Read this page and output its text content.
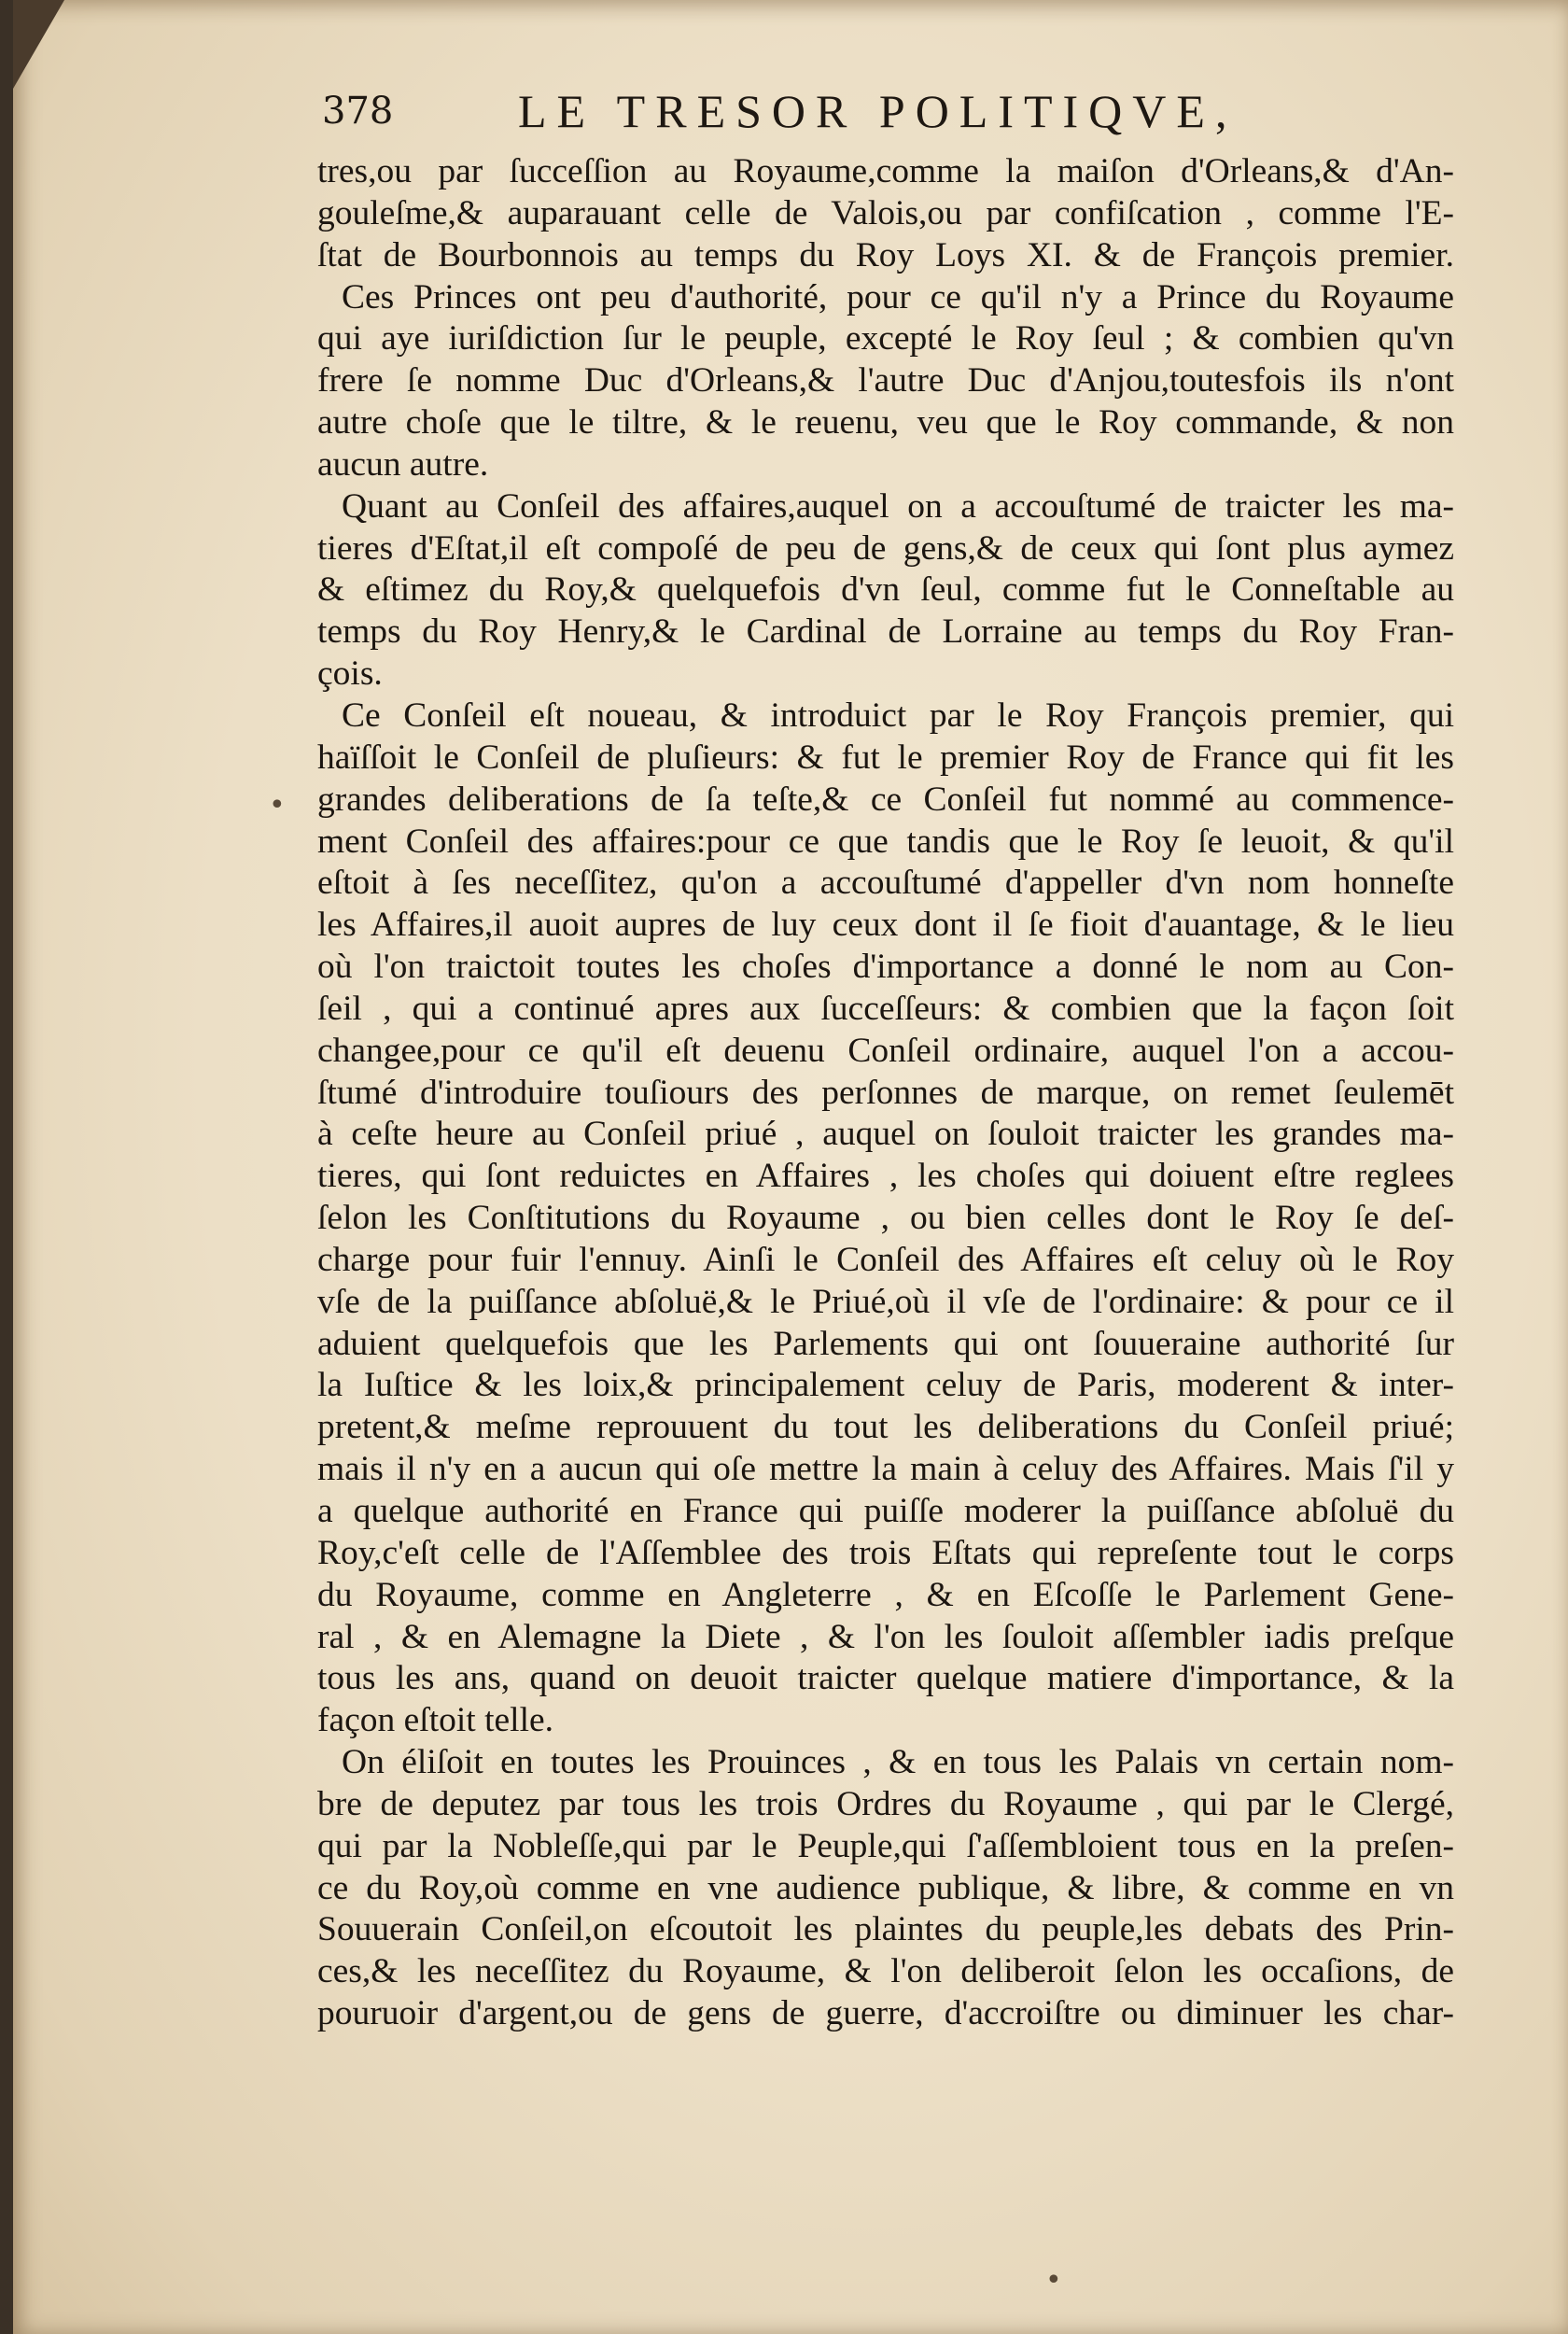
378	LE TRESOR POLITIQVE,
tres,ou par ſucceſſion au Royaume,comme la maiſon d'Orleans,& d'An-
gouleſme,& auparauant celle de Valois,ou par confiſcation , comme l'E-
ſtat de Bourbonnois au temps du Roy Loys XI. & de François premier.
Ces Princes ont peu d'authorité, pour ce qu'il n'y a Prince du Royaume
qui aye iuriſdiction ſur le peuple, excepté le Roy ſeul ; & combien qu'vn
frere ſe nomme Duc d'Orleans,& l'autre Duc d'Anjou,toutesfois ils n'ont
autre choſe que le tiltre, & le reuenu, veu que le Roy commande, & non
aucun autre.
Quant au Conſeil des affaires,auquel on a accouſtumé de traicter les ma-
tieres d'Eſtat,il eſt compoſé de peu de gens,& de ceux qui ſont plus aymez
& eſtimez du Roy,& quelquefois d'vn ſeul, comme fut le Conneſtable au
temps du Roy Henry,& le Cardinal de Lorraine au temps du Roy Fran-
çois.
Ce Conſeil eſt noueau, & introduict par le Roy François premier, qui
haïſſoit le Conſeil de pluſieurs: & fut le premier Roy de France qui fit les
grandes deliberations de ſa teſte,& ce Conſeil fut nommé au commence-
ment Conſeil des affaires:pour ce que tandis que le Roy ſe leuoit, & qu'il
eſtoit à ſes neceſſitez, qu'on a accouſtumé d'appeller d'vn nom honneſte
les Affaires,il auoit aupres de luy ceux dont il ſe fioit d'auantage, & le lieu
où l'on traictoit toutes les choſes d'importance a donné le nom au Con-
ſeil , qui a continué apres aux ſucceſſeurs: & combien que la façon ſoit
changee,pour ce qu'il eſt deuenu Conſeil ordinaire, auquel l'on a accou-
ſtumé d'introduire touſiours des perſonnes de marque, on remet ſeulemēt
à ceſte heure au Conſeil priué , auquel on ſouloit traicter les grandes ma-
tieres, qui ſont reduictes en Affaires , les choſes qui doiuent eſtre reglees
ſelon les Conſtitutions du Royaume , ou bien celles dont le Roy ſe deſ-
charge pour fuir l'ennuy. Ainſi le Conſeil des Affaires eſt celuy où le Roy
vſe de la puiſſance abſoluë,& le Priué,où il vſe de l'ordinaire: & pour ce il
aduient quelquefois que les Parlements qui ont ſouueraine authorité ſur
la Iuſtice & les loix,& principalement celuy de Paris, moderent & inter-
pretent,& meſme reprouuent du tout les deliberations du Conſeil priué;
mais il n'y en a aucun qui oſe mettre la main à celuy des Affaires. Mais ſ'il y
a quelque authorité en France qui puiſſe moderer la puiſſance abſoluë du
Roy,c'eſt celle de l'Aſſemblee des trois Eſtats qui repreſente tout le corps
du Royaume, comme en Angleterre , & en Eſcoſſe le Parlement Gene-
ral , & en Alemagne la Diete , & l'on les ſouloit aſſembler iadis preſque
tous les ans, quand on deuoit traicter quelque matiere d'importance, & la
façon eſtoit telle.
On éliſoit en toutes les Prouinces , & en tous les Palais vn certain nom-
bre de deputez par tous les trois Ordres du Royaume , qui par le Clergé,
qui par la Nobleſſe,qui par le Peuple,qui ſ'aſſembloient tous en la preſen-
ce du Roy,où comme en vne audience publique, & libre, & comme en vn
Souuerain Conſeil,on eſcoutoit les plaintes du peuple,les debats des Prin-
ces,& les neceſſitez du Royaume, & l'on deliberoit ſelon les occaſions, de
pouruoir d'argent,ou de gens de guerre, d'accroiſtre ou diminuer les char-
•
•
